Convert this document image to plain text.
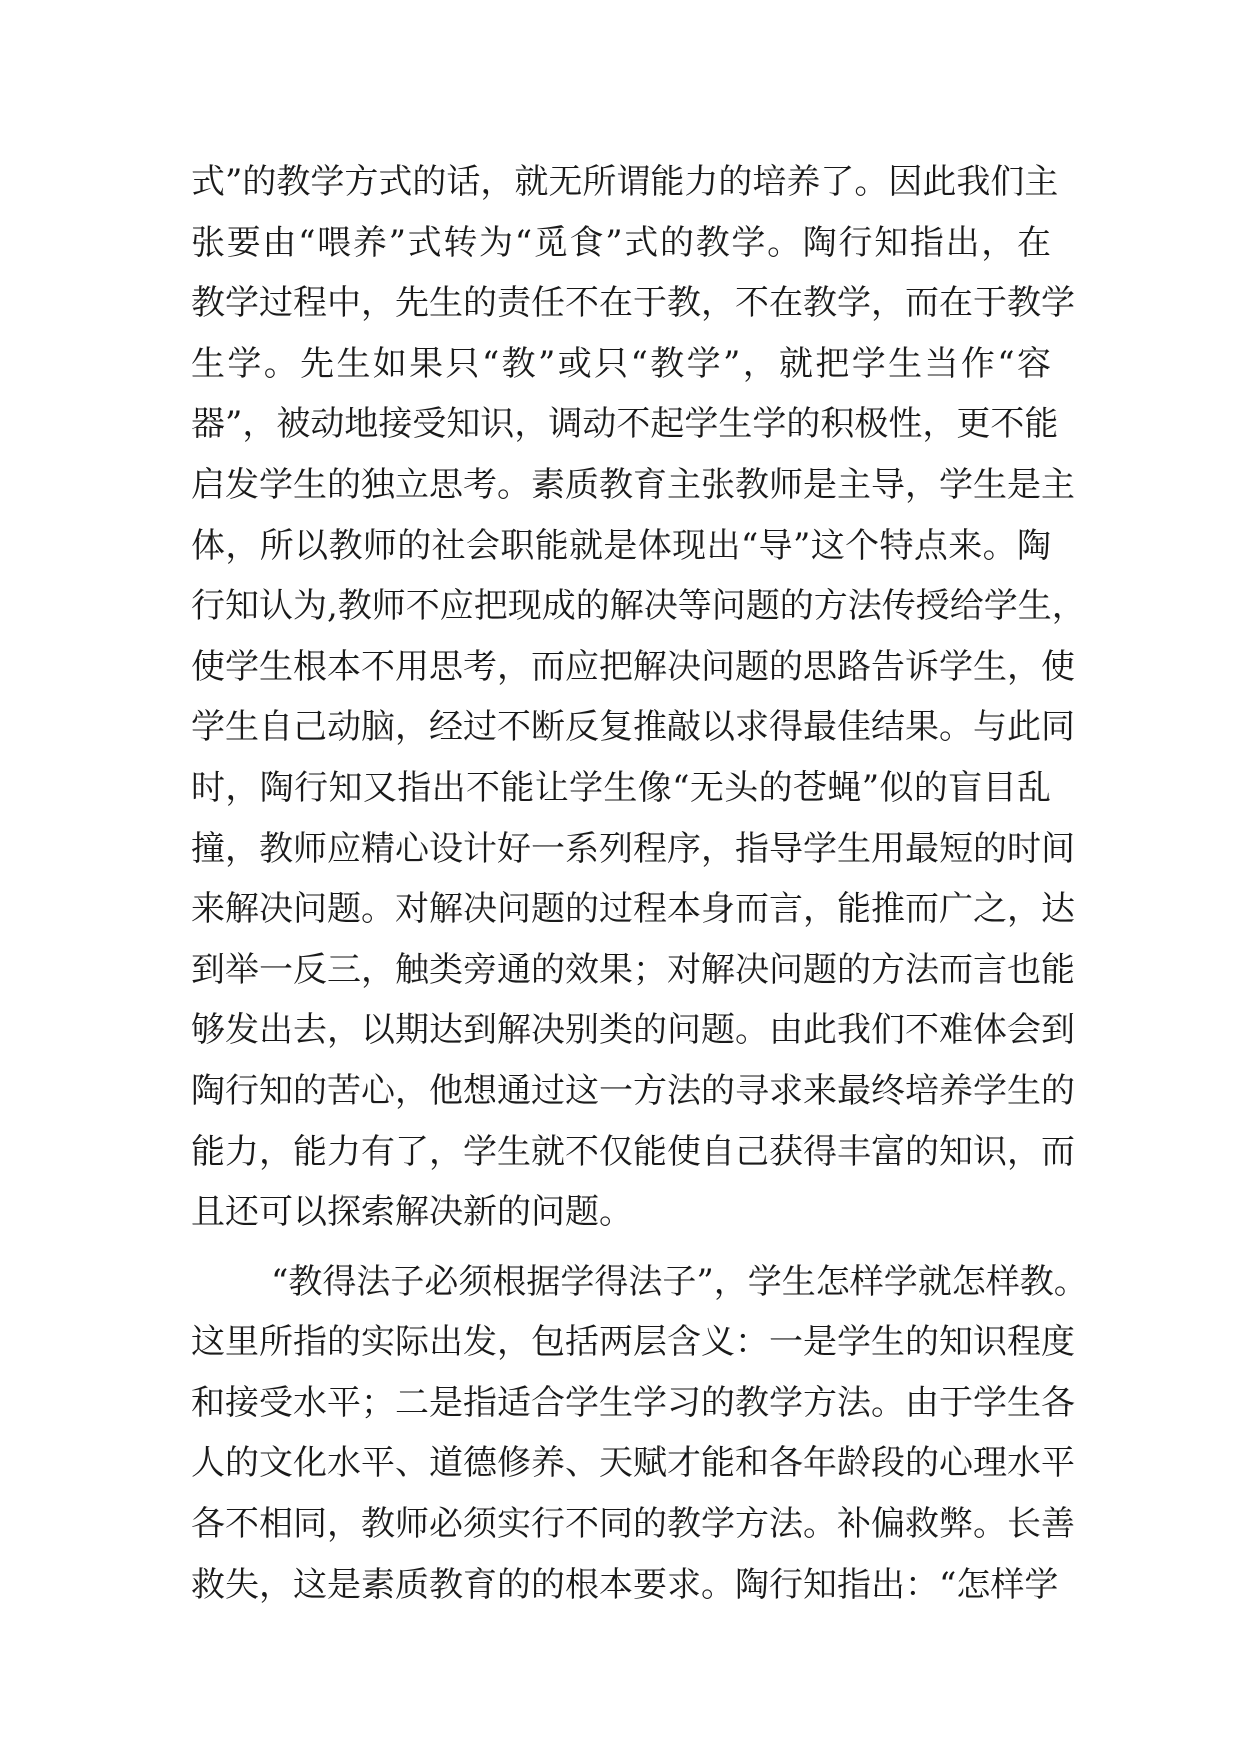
式”的教学方式的话，就无所谓能力的培养了。因此我们主
张要由“喂养”式转为“觅食”式的教学。陶行知指出，在
教学过程中，先生的责任不在于教，不在教学，而在于教学
生学。先生如果只“教”或只“教学”，就把学生当作“容
器”，被动地接受知识，调动不起学生学的积极性，更不能
启发学生的独立思考。素质教育主张教师是主导，学生是主
体，所以教师的社会职能就是体现出“导”这个特点来。陶
行知认为,教师不应把现成的解决等问题的方法传授给学生，
使学生根本不用思考，而应把解决问题的思路告诉学生，使
学生自己动脑，经过不断反复推敲以求得最佳结果。与此同
时，陶行知又指出不能让学生像“无头的苍蝇”似的盲目乱
撞，教师应精心设计好一系列程序，指导学生用最短的时间
来解决问题。对解决问题的过程本身而言，能推而广之，达
到举一反三，触类旁通的效果；对解决问题的方法而言也能
够发出去，以期达到解决别类的问题。由此我们不难体会到
陶行知的苦心，他想通过这一方法的寻求来最终培养学生的
能力，能力有了，学生就不仅能使自己获得丰富的知识，而
且还可以探索解决新的问题。
“教得法子必须根据学得法子”，学生怎样学就怎样教。
这里所指的实际出发，包括两层含义：一是学生的知识程度
和接受水平；二是指适合学生学习的教学方法。由于学生各
人的文化水平、道德修养、天赋才能和各年龄段的心理水平
各不相同，教师必须实行不同的教学方法。补偏救弊。长善
救失，这是素质教育的的根本要求。陶行知指出：“怎样学
